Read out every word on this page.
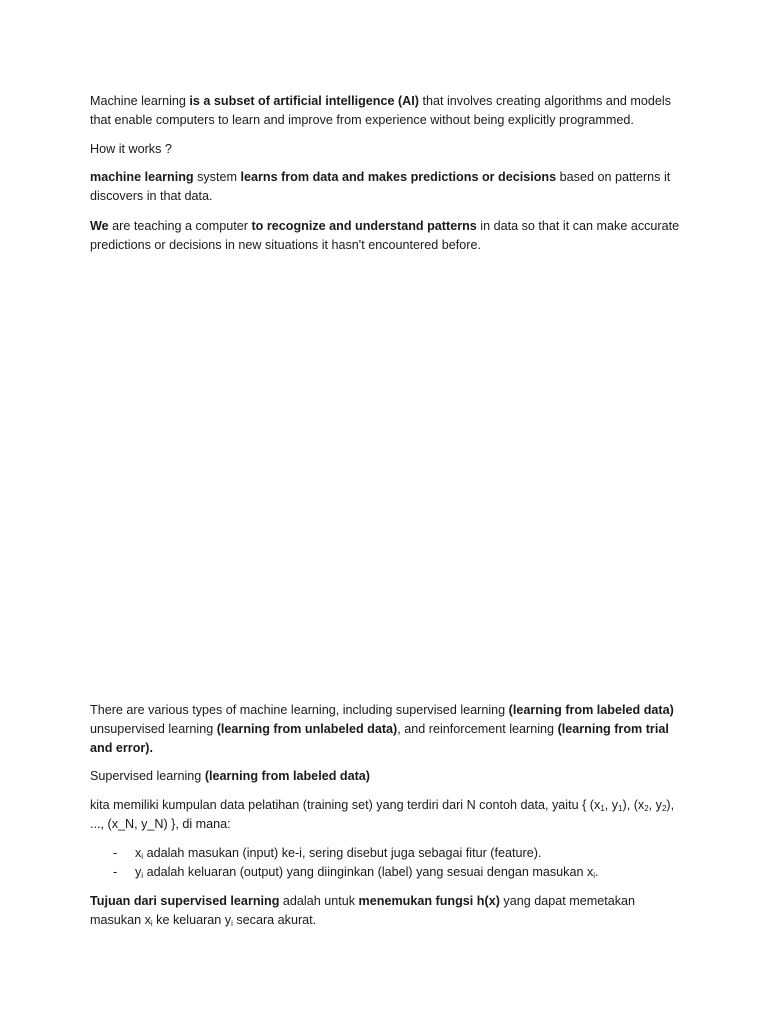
Machine learning is a subset of artificial intelligence (AI) that involves creating algorithms and models that enable computers to learn and improve from experience without being explicitly programmed.

How it works ?

machine learning system learns from data and makes predictions or decisions based on patterns it discovers in that data.

We are teaching a computer to recognize and understand patterns in data so that it can make accurate predictions or decisions in new situations it hasn't encountered before.

There are various types of machine learning, including supervised learning (learning from labeled data) unsupervised learning (learning from unlabeled data), and reinforcement learning (learning from trial and error).

Supervised learning (learning from labeled data)

kita memiliki kumpulan data pelatihan (training set) yang terdiri dari N contoh data, yaitu { ($x_1$, $y_1$), ($x_2$, $y_2$), ..., (x_N, y_N) }, di mana:

- $x_i$ adalah masukan (input) ke-i, sering disebut juga sebagai fitur (feature).
- $y_i$ adalah keluaran (output) yang diinginkan (label) yang sesuai dengan masukan $x_i$.

Tujuan dari supervised learning adalah untuk menemukan fungsi h(x) yang dapat memetakan masukan $x_i$ ke keluaran $y_i$ secara akurat.
